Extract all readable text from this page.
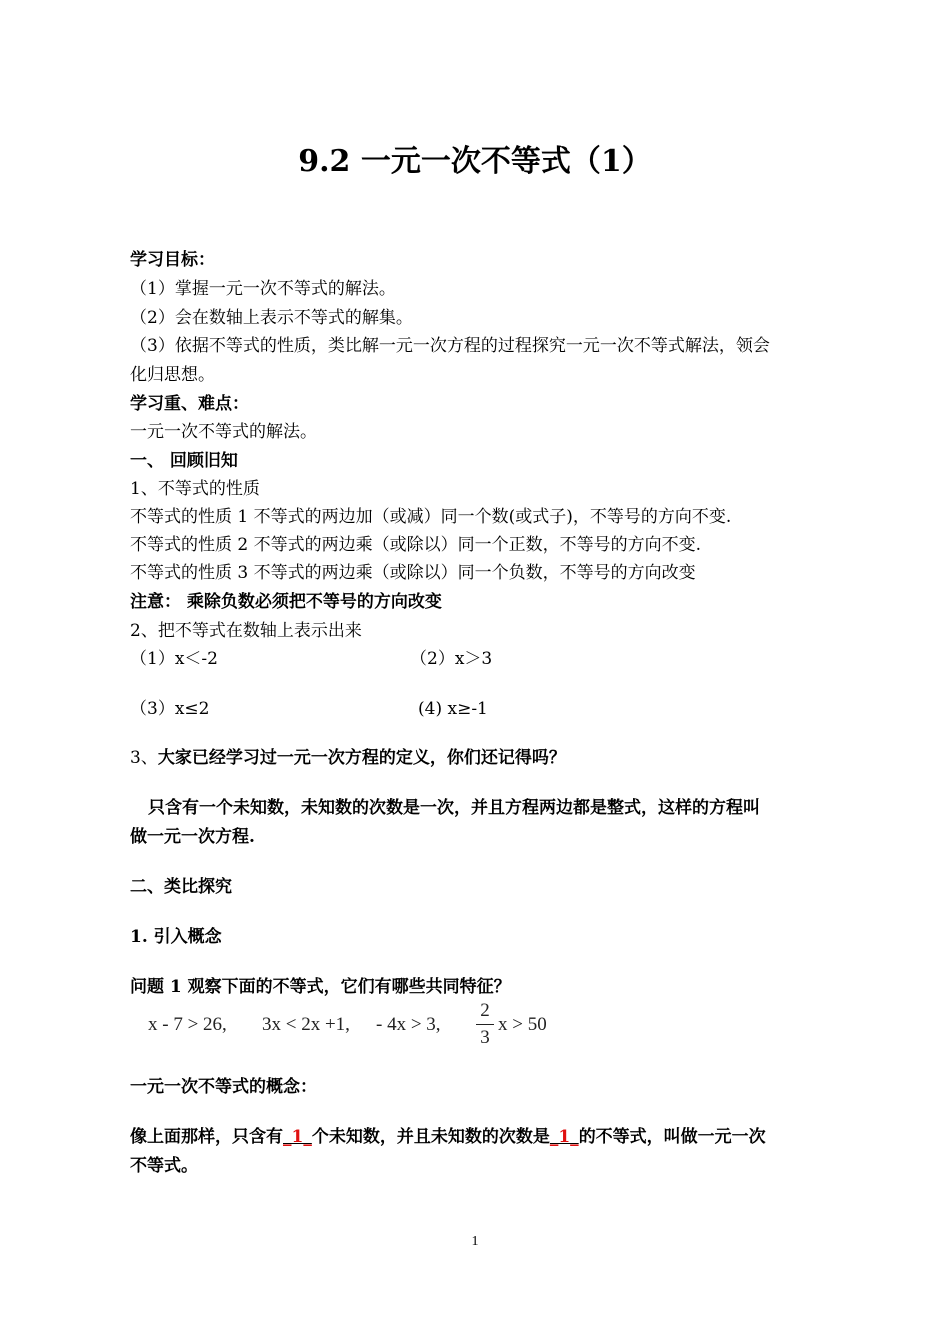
9.2 一元一次不等式（1）
学习目标：
（1）掌握一元一次不等式的解法。
（2）会在数轴上表示不等式的解集。
（3）依据不等式的性质，类比解一元一次方程的过程探究一元一次不等式解法，领会
化归思想。
学习重、难点：
一元一次不等式的解法。
一、 回顾旧知
1、不等式的性质
不等式的性质 1 不等式的两边加（或减）同一个数(或式子)，不等号的方向不变.
不等式的性质 2 不等式的两边乘（或除以）同一个正数，不等号的方向不变.
不等式的性质 3 不等式的两边乘（或除以）同一个负数，不等号的方向改变
注意： 乘除负数必须把不等号的方向改变
2、把不等式在数轴上表示出来
（1）x＜-2	（2）x＞3
（3）x≤2	(4) x≥-1
3、大家已经学习过一元一次方程的定义，你们还记得吗？
只含有一个未知数，未知数的次数是一次，并且方程两边都是整式，这样的方程叫
做一元一次方程.
二、类比探究
1. 引入概念
问题 1 观察下面的不等式，它们有哪些共同特征？
x - 7 > 26, 3x < 2x +1, - 4x > 3,
2
3
x > 50
一元一次不等式的概念：
像上面那样，只含有_1_个未知数，并且未知数的次数是_1_的不等式，叫做一元一次
不等式。
1
